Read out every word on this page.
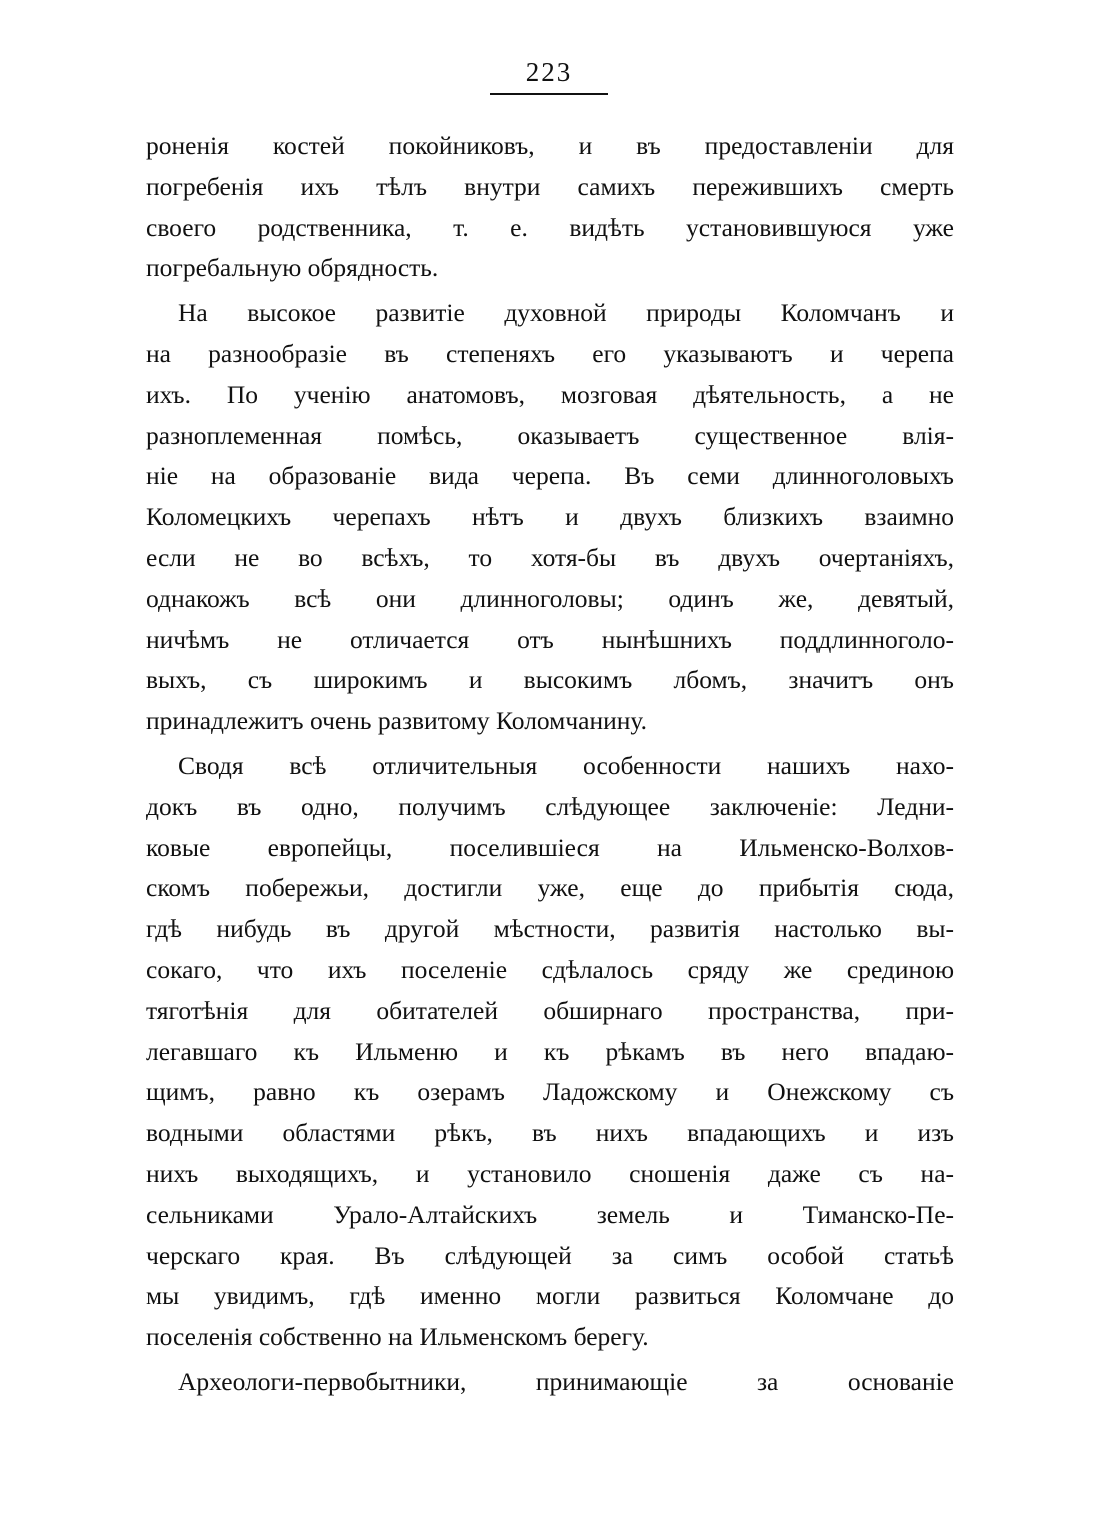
223
роненія костей покойниковъ, и въ предоставленіи для
погребенія ихъ тѣлъ внутри самихъ пережившихъ смерть
своего родственника, т. е. видѣть установившуюся уже
погребальную обрядность.
На высокое развитіе духовной природы Коломчанъ и
на разнообразіе въ степеняхъ его указываютъ и черепа
ихъ. По ученію анатомовъ, мозговая дѣятельность, а не
разноплеменная помѣсь, оказываетъ существенное влія-
ніе на образованіе вида черепа. Въ семи длинноголовыхъ
Коломецкихъ черепахъ нѣтъ и двухъ близкихъ взаимно
если не во всѣхъ, то хотя-бы въ двухъ очертаніяхъ,
однакожъ всѣ они длинноголовы; одинъ же, девятый,
ничѣмъ не отличается отъ нынѣшнихъ поддлинноголо-
выхъ, съ широкимъ и высокимъ лбомъ, значитъ онъ
принадлежитъ очень развитому Коломчанину.
Сводя всѣ отличительныя особенности нашихъ нахо-
докъ въ одно, получимъ слѣдующее заключеніе: Ледни-
ковые европейцы, поселившіеся на Ильменско-Волхов-
скомъ побережьи, достигли уже, еще до прибытія сюда,
гдѣ нибудь въ другой мѣстности, развитія настолько вы-
сокаго, что ихъ поселеніе сдѣлалось сряду же срединою
тяготѣнія для обитателей обширнаго пространства, при-
легавшаго къ Ильменю и къ рѣкамъ въ него впадаю-
щимъ, равно къ озерамъ Ладожскому и Онежскому съ
водными областями рѣкъ, въ нихъ впадающихъ и изъ
нихъ выходящихъ, и установило сношенія даже съ на-
сельниками Урало-Алтайскихъ земель и Тиманско-Пе-
черскаго края. Въ слѣдующей за симъ особой статьѣ
мы увидимъ, гдѣ именно могли развиться Коломчане до
поселенія собственно на Ильменскомъ берегу.
Археологи-первобытники, принимающіе за основаніе
